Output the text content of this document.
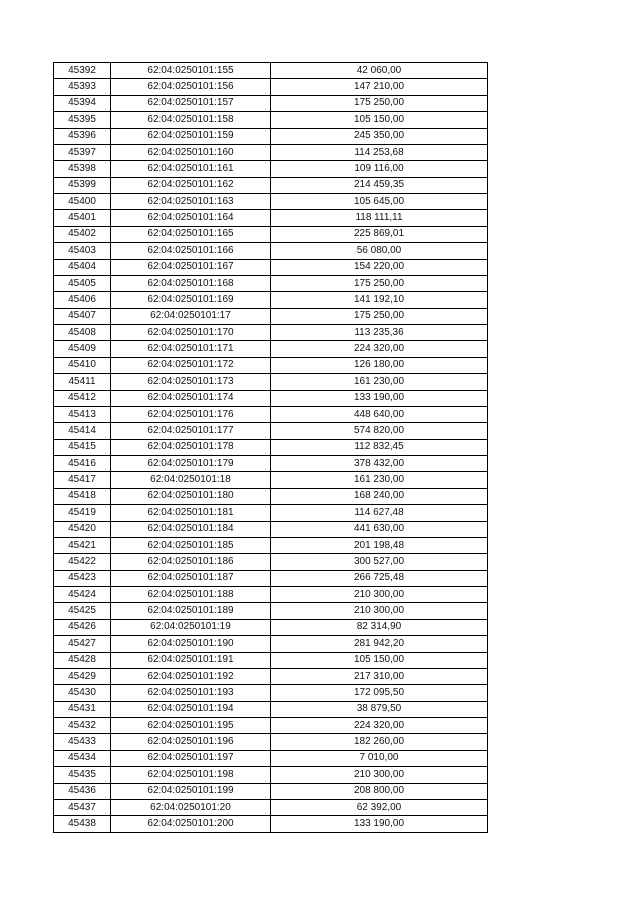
45392	62:04:0250101:155	42 060,00
45393	62:04:0250101:156	147 210,00
45394	62:04:0250101:157	175 250,00
45395	62:04:0250101:158	105 150,00
45396	62:04:0250101:159	245 350,00
45397	62:04:0250101:160	114 253,68
45398	62:04:0250101:161	109 116,00
45399	62:04:0250101:162	214 459,35
45400	62:04:0250101:163	105 645,00
45401	62:04:0250101:164	118 111,11
45402	62:04:0250101:165	225 869,01
45403	62:04:0250101:166	56 080,00
45404	62:04:0250101:167	154 220,00
45405	62:04:0250101:168	175 250,00
45406	62:04:0250101:169	141 192,10
45407	62:04:0250101:17	175 250,00
45408	62:04:0250101:170	113 235,36
45409	62:04:0250101:171	224 320,00
45410	62:04:0250101:172	126 180,00
45411	62:04:0250101:173	161 230,00
45412	62:04:0250101:174	133 190,00
45413	62:04:0250101:176	448 640,00
45414	62:04:0250101:177	574 820,00
45415	62:04:0250101:178	112 832,45
45416	62:04:0250101:179	378 432,00
45417	62:04:0250101:18	161 230,00
45418	62:04:0250101:180	168 240,00
45419	62:04:0250101:181	114 627,48
45420	62:04:0250101:184	441 630,00
45421	62:04:0250101:185	201 198,48
45422	62:04:0250101:186	300 527,00
45423	62:04:0250101:187	266 725,48
45424	62:04:0250101:188	210 300,00
45425	62:04:0250101:189	210 300,00
45426	62:04:0250101:19	82 314,90
45427	62:04:0250101:190	281 942,20
45428	62:04:0250101:191	105 150,00
45429	62:04:0250101:192	217 310,00
45430	62:04:0250101:193	172 095,50
45431	62:04:0250101:194	38 879,50
45432	62:04:0250101:195	224 320,00
45433	62:04:0250101:196	182 260,00
45434	62:04:0250101:197	7 010,00
45435	62:04:0250101:198	210 300,00
45436	62:04:0250101:199	208 800,00
45437	62:04:0250101:20	62 392,00
45438	62:04:0250101:200	133 190,00
